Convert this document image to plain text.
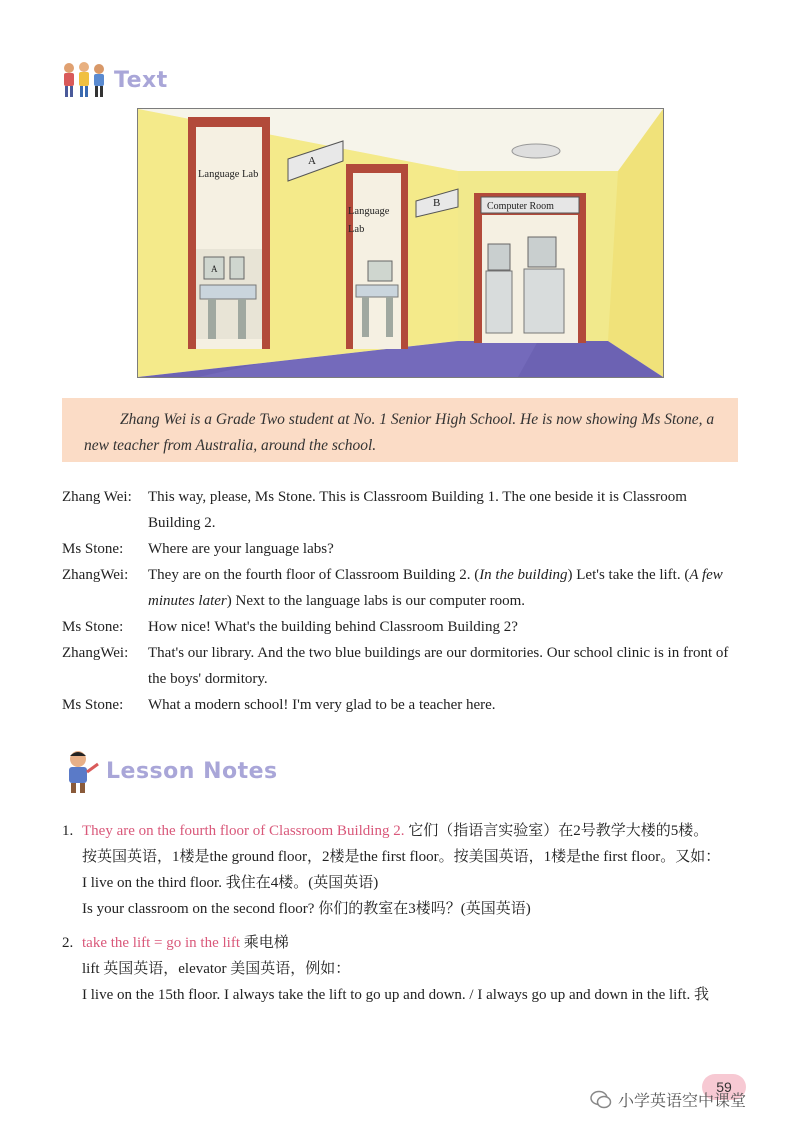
Text
A
B
Language Lab
Language
Lab
Computer Room
A

Zhang Wei is a Grade Two student at No. 1 Senior High School. He is now showing Ms Stone, a new teacher from Australia, around the school.

Zhang Wei:	This way, please, Ms Stone. This is Classroom Building 1. The one beside it is Classroom Building 2.
Ms Stone:	Where are your language labs?
ZhangWei:	They are on the fourth floor of Classroom Building 2. (In the building) Let's take the lift. (A few minutes later) Next to the language labs is our computer room.
Ms Stone:	How nice! What's the building behind Classroom Building 2?
ZhangWei:	That's our library. And the two blue buildings are our dormitories. Our school clinic is in front of the boys' dormitory.
Ms Stone:	What a modern school! I'm very glad to be a teacher here.
Lesson Notes
1. They are on the fourth floor of Classroom Building 2. 它们（指语言实验室）在2号教学大楼的5楼。
按英国英语，1楼是the ground floor，2楼是the first floor。按美国英语，1楼是the first floor。又如：
I live on the third floor. 我住在4楼。(英国英语)
Is your classroom on the second floor? 你们的教室在3楼吗？(英国英语)
2. take the lift = go in the lift 乘电梯
lift 英国英语，elevator 美国英语，例如：
I live on the 15th floor. I always take the lift to go up and down. / I always go up and down in the lift. 我
59
小学英语空中课堂
